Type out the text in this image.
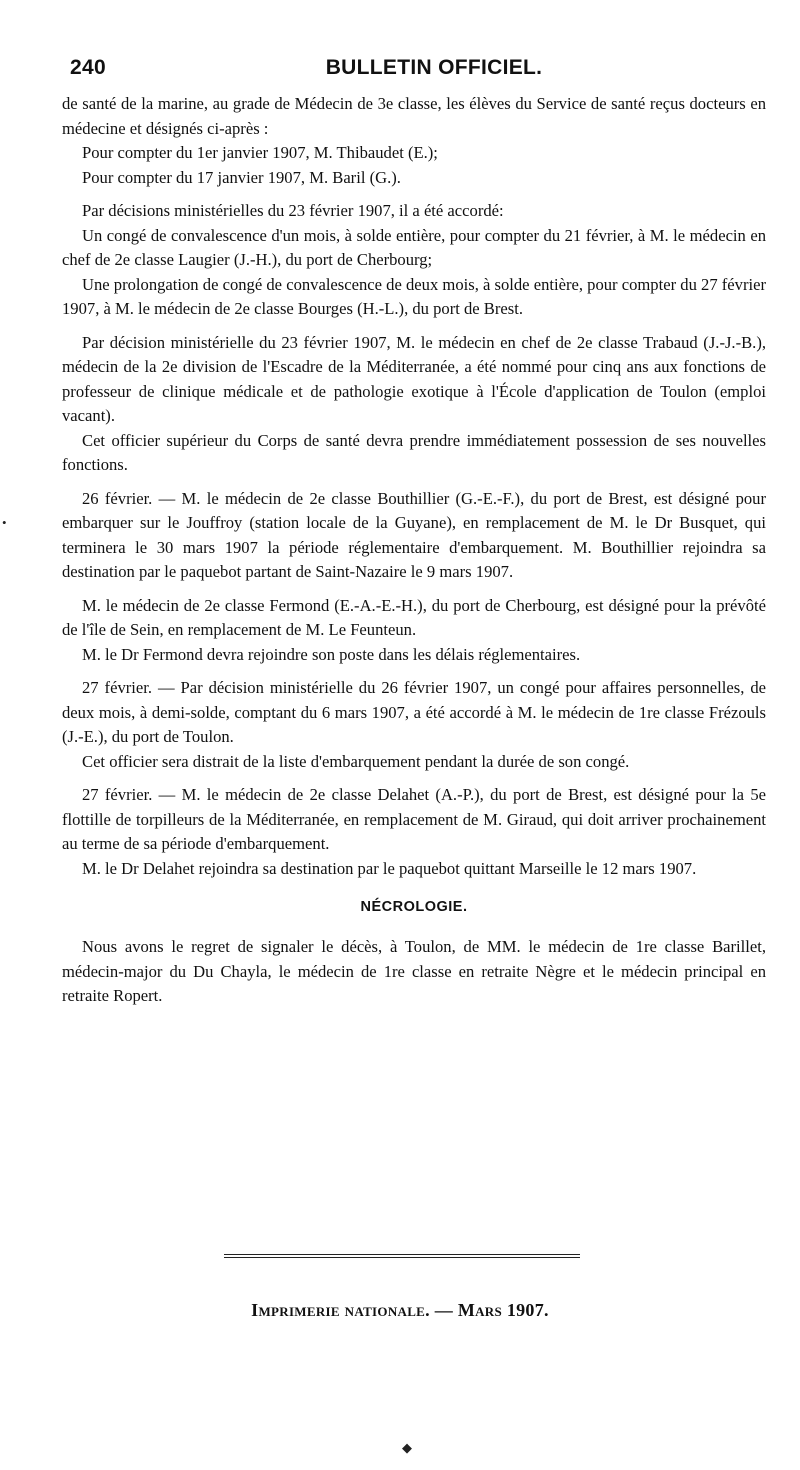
240	BULLETIN OFFICIEL.

de santé de la marine, au grade de Médecin de 3e classe, les élèves du Service de santé reçus docteurs en médecine et désignés ci-après :

Pour compter du 1er janvier 1907, M. Thibaudet (E.);

Pour compter du 17 janvier 1907, M. Baril (G.).

Par décisions ministérielles du 23 février 1907, il a été accordé:

Un congé de convalescence d'un mois, à solde entière, pour compter du 21 février, à M. le médecin en chef de 2e classe Laugier (J.-H.), du port de Cherbourg;

Une prolongation de congé de convalescence de deux mois, à solde entière, pour compter du 27 février 1907, à M. le médecin de 2e classe Bourges (H.-L.), du port de Brest.

Par décision ministérielle du 23 février 1907, M. le médecin en chef de 2e classe Trabaud (J.-J.-B.), médecin de la 2e division de l'Escadre de la Méditerranée, a été nommé pour cinq ans aux fonctions de professeur de clinique médicale et de pathologie exotique à l'École d'application de Toulon (emploi vacant).

Cet officier supérieur du Corps de santé devra prendre immédiatement possession de ses nouvelles fonctions.

26 février. — M. le médecin de 2e classe Bouthillier (G.-E.-F.), du port de Brest, est désigné pour embarquer sur le Jouffroy (station locale de la Guyane), en remplacement de M. le Dr Busquet, qui terminera le 30 mars 1907 la période réglementaire d'embarquement. M. Bouthillier rejoindra sa destination par le paquebot partant de Saint-Nazaire le 9 mars 1907.

M. le médecin de 2e classe Fermond (E.-A.-E.-H.), du port de Cherbourg, est désigné pour la prévôté de l'île de Sein, en remplacement de M. Le Feunteun.

M. le Dr Fermond devra rejoindre son poste dans les délais réglementaires.

27 février. — Par décision ministérielle du 26 février 1907, un congé pour affaires personnelles, de deux mois, à demi-solde, comptant du 6 mars 1907, a été accordé à M. le médecin de 1re classe Frézouls (J.-E.), du port de Toulon.

Cet officier sera distrait de la liste d'embarquement pendant la durée de son congé.

27 février. — M. le médecin de 2e classe Delahet (A.-P.), du port de Brest, est désigné pour la 5e flottille de torpilleurs de la Méditerranée, en remplacement de M. Giraud, qui doit arriver prochainement au terme de sa période d'embarquement.

M. le Dr Delahet rejoindra sa destination par le paquebot quittant Marseille le 12 mars 1907.

NÉCROLOGIE.

Nous avons le regret de signaler le décès, à Toulon, de MM. le médecin de 1re classe Barillet, médecin-major du Du Chayla, le médecin de 1re classe en retraite Nègre et le médecin principal en retraite Ropert.

Imprimerie nationale. — Mars 1907.
•
◆
